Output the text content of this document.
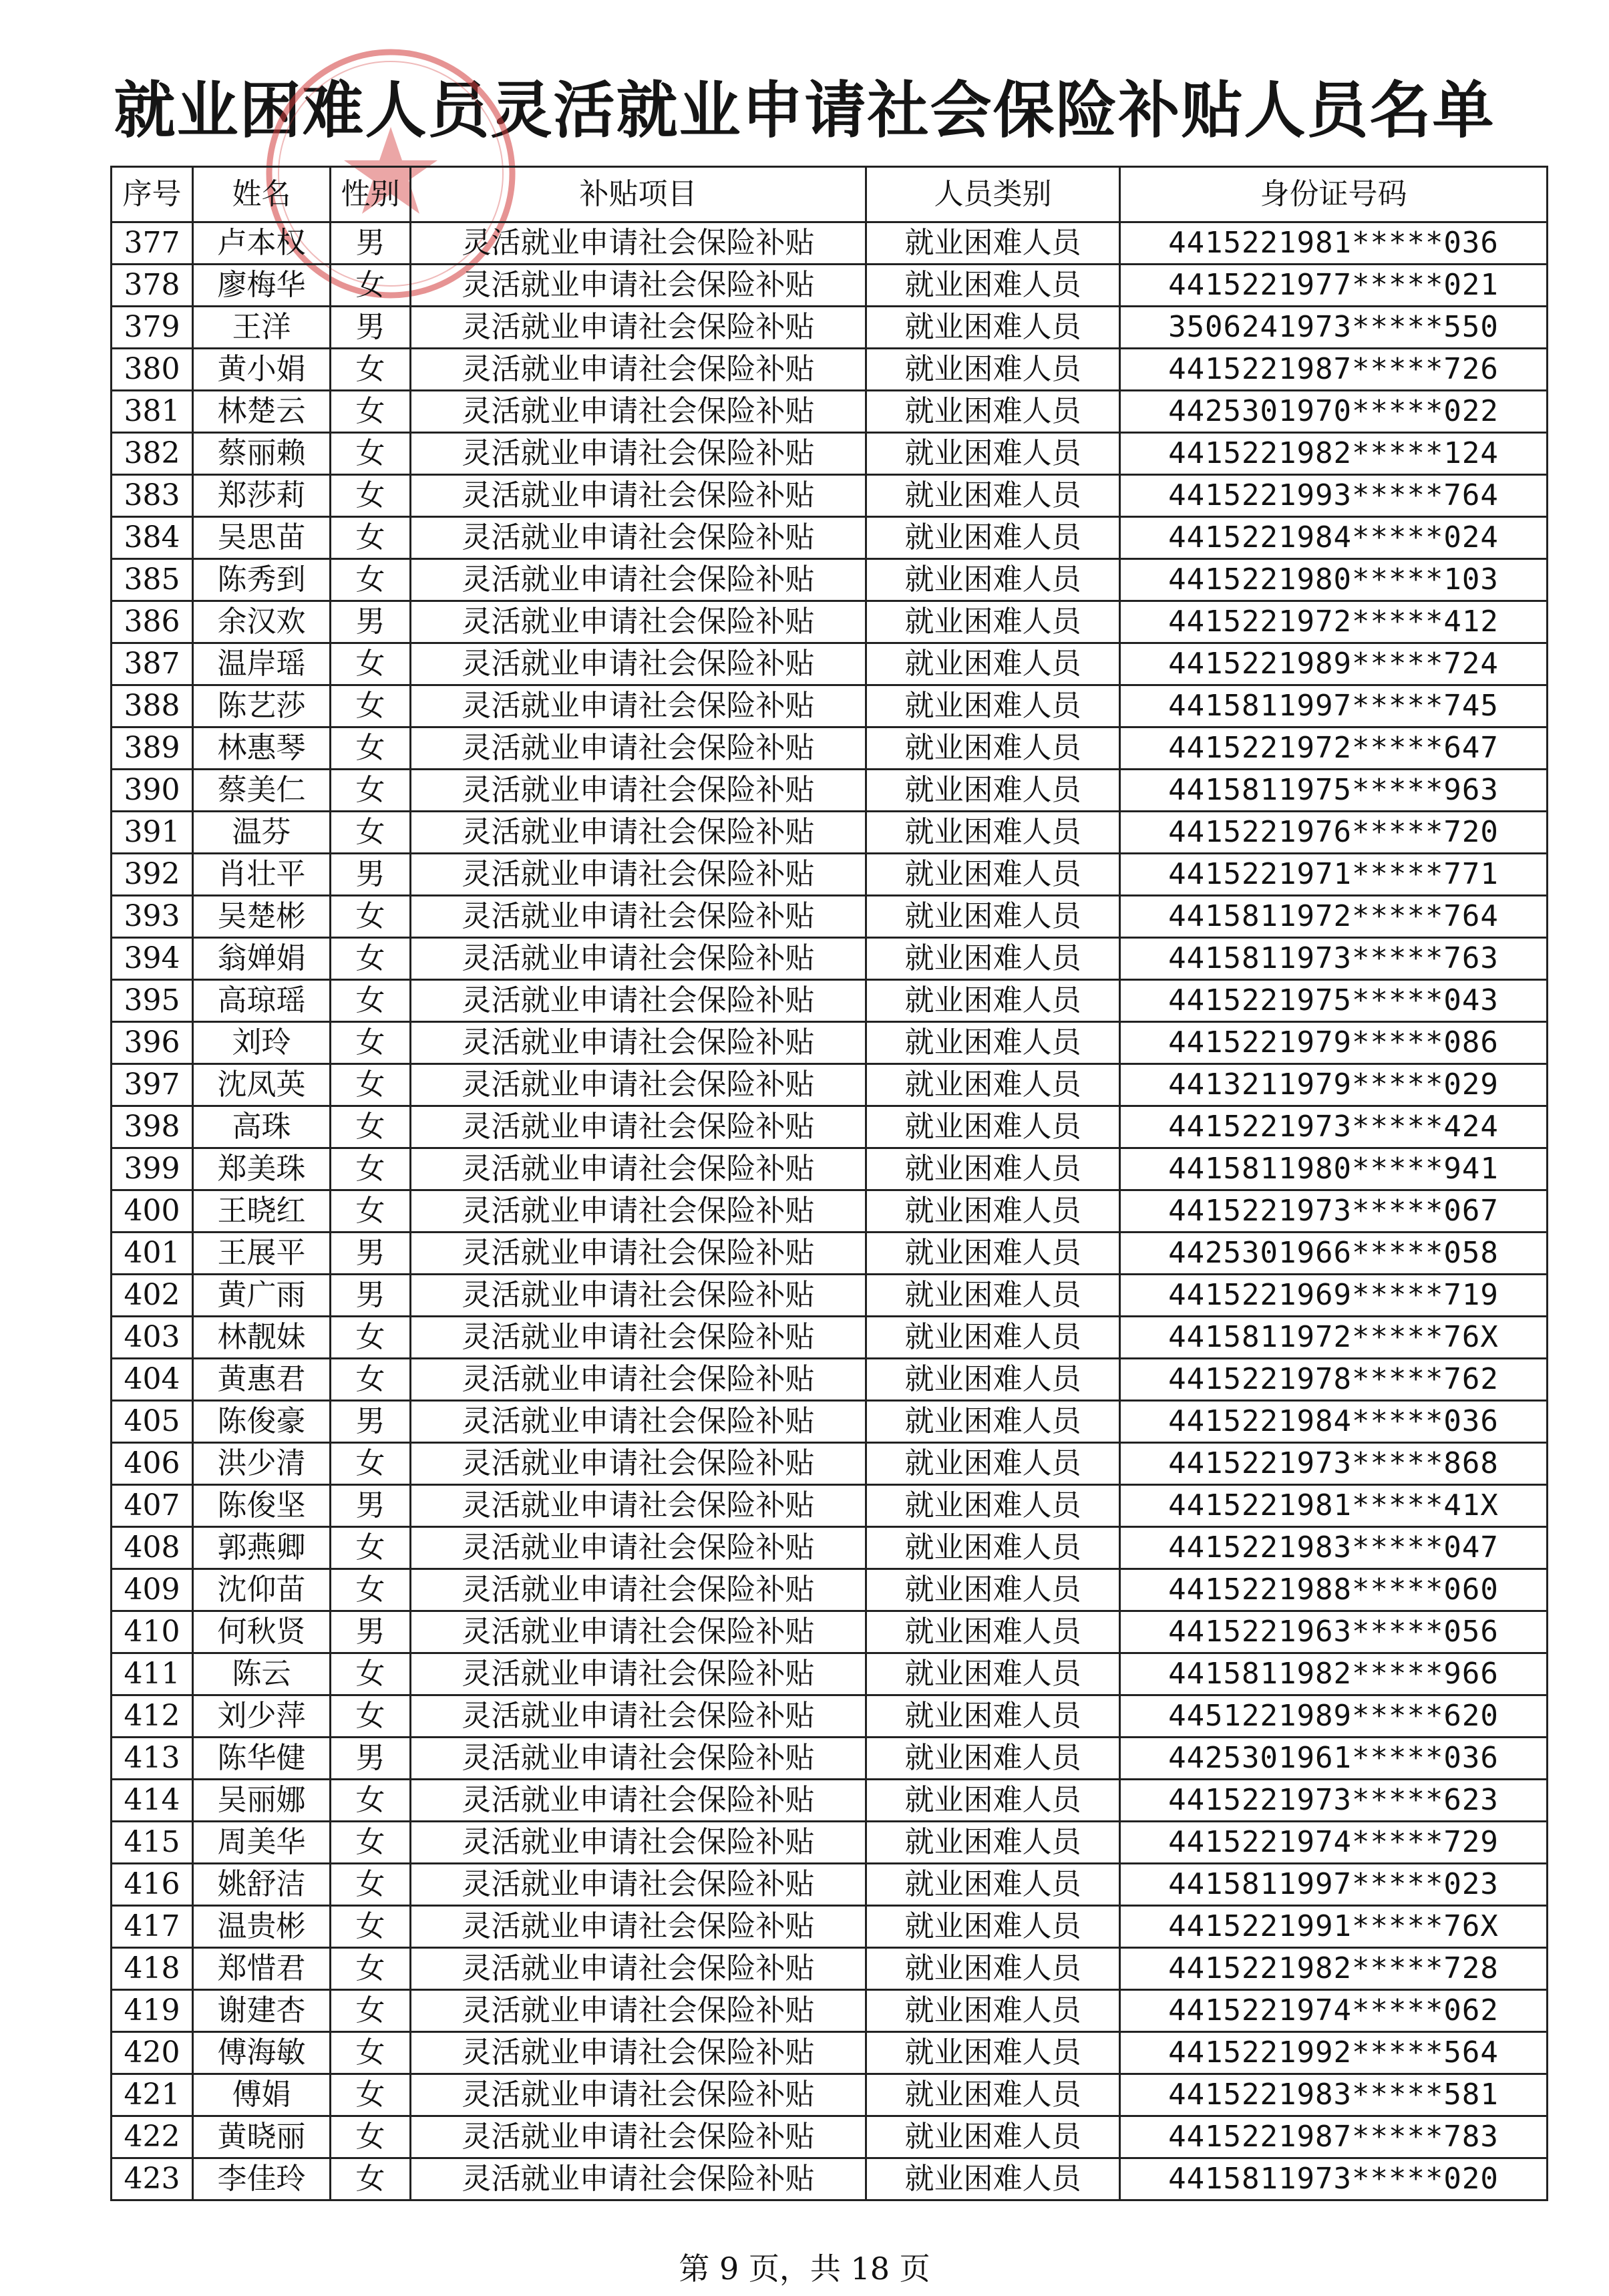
就业困难人员灵活就业申请社会保险补贴人员名单
序号	姓名	性别	补贴项目	人员类别	身份证号码
377	卢本权	男	灵活就业申请社会保险补贴	就业困难人员	4415221981*****036
378	廖梅华	女	灵活就业申请社会保险补贴	就业困难人员	4415221977*****021
379	王洋	男	灵活就业申请社会保险补贴	就业困难人员	3506241973*****550
380	黄小娟	女	灵活就业申请社会保险补贴	就业困难人员	4415221987*****726
381	林楚云	女	灵活就业申请社会保险补贴	就业困难人员	4425301970*****022
382	蔡丽赖	女	灵活就业申请社会保险补贴	就业困难人员	4415221982*****124
383	郑莎莉	女	灵活就业申请社会保险补贴	就业困难人员	4415221993*****764
384	吴思苗	女	灵活就业申请社会保险补贴	就业困难人员	4415221984*****024
385	陈秀到	女	灵活就业申请社会保险补贴	就业困难人员	4415221980*****103
386	余汉欢	男	灵活就业申请社会保险补贴	就业困难人员	4415221972*****412
387	温岸瑶	女	灵活就业申请社会保险补贴	就业困难人员	4415221989*****724
388	陈艺莎	女	灵活就业申请社会保险补贴	就业困难人员	4415811997*****745
389	林惠琴	女	灵活就业申请社会保险补贴	就业困难人员	4415221972*****647
390	蔡美仁	女	灵活就业申请社会保险补贴	就业困难人员	4415811975*****963
391	温芬	女	灵活就业申请社会保险补贴	就业困难人员	4415221976*****720
392	肖壮平	男	灵活就业申请社会保险补贴	就业困难人员	4415221971*****771
393	吴楚彬	女	灵活就业申请社会保险补贴	就业困难人员	4415811972*****764
394	翁婵娟	女	灵活就业申请社会保险补贴	就业困难人员	4415811973*****763
395	高琼瑶	女	灵活就业申请社会保险补贴	就业困难人员	4415221975*****043
396	刘玲	女	灵活就业申请社会保险补贴	就业困难人员	4415221979*****086
397	沈凤英	女	灵活就业申请社会保险补贴	就业困难人员	4413211979*****029
398	高珠	女	灵活就业申请社会保险补贴	就业困难人员	4415221973*****424
399	郑美珠	女	灵活就业申请社会保险补贴	就业困难人员	4415811980*****941
400	王晓红	女	灵活就业申请社会保险补贴	就业困难人员	4415221973*****067
401	王展平	男	灵活就业申请社会保险补贴	就业困难人员	4425301966*****058
402	黄广雨	男	灵活就业申请社会保险补贴	就业困难人员	4415221969*****719
403	林靓妹	女	灵活就业申请社会保险补贴	就业困难人员	4415811972*****76X
404	黄惠君	女	灵活就业申请社会保险补贴	就业困难人员	4415221978*****762
405	陈俊豪	男	灵活就业申请社会保险补贴	就业困难人员	4415221984*****036
406	洪少清	女	灵活就业申请社会保险补贴	就业困难人员	4415221973*****868
407	陈俊坚	男	灵活就业申请社会保险补贴	就业困难人员	4415221981*****41X
408	郭燕卿	女	灵活就业申请社会保险补贴	就业困难人员	4415221983*****047
409	沈仰苗	女	灵活就业申请社会保险补贴	就业困难人员	4415221988*****060
410	何秋贤	男	灵活就业申请社会保险补贴	就业困难人员	4415221963*****056
411	陈云	女	灵活就业申请社会保险补贴	就业困难人员	4415811982*****966
412	刘少萍	女	灵活就业申请社会保险补贴	就业困难人员	4451221989*****620
413	陈华健	男	灵活就业申请社会保险补贴	就业困难人员	4425301961*****036
414	吴丽娜	女	灵活就业申请社会保险补贴	就业困难人员	4415221973*****623
415	周美华	女	灵活就业申请社会保险补贴	就业困难人员	4415221974*****729
416	姚舒洁	女	灵活就业申请社会保险补贴	就业困难人员	4415811997*****023
417	温贵彬	女	灵活就业申请社会保险补贴	就业困难人员	4415221991*****76X
418	郑惜君	女	灵活就业申请社会保险补贴	就业困难人员	4415221982*****728
419	谢建杏	女	灵活就业申请社会保险补贴	就业困难人员	4415221974*****062
420	傅海敏	女	灵活就业申请社会保险补贴	就业困难人员	4415221992*****564
421	傅娟	女	灵活就业申请社会保险补贴	就业困难人员	4415221983*****581
422	黄晓丽	女	灵活就业申请社会保险补贴	就业困难人员	4415221987*****783
423	李佳玲	女	灵活就业申请社会保险补贴	就业困难人员	4415811973*****020
第 9 页，共 18 页
